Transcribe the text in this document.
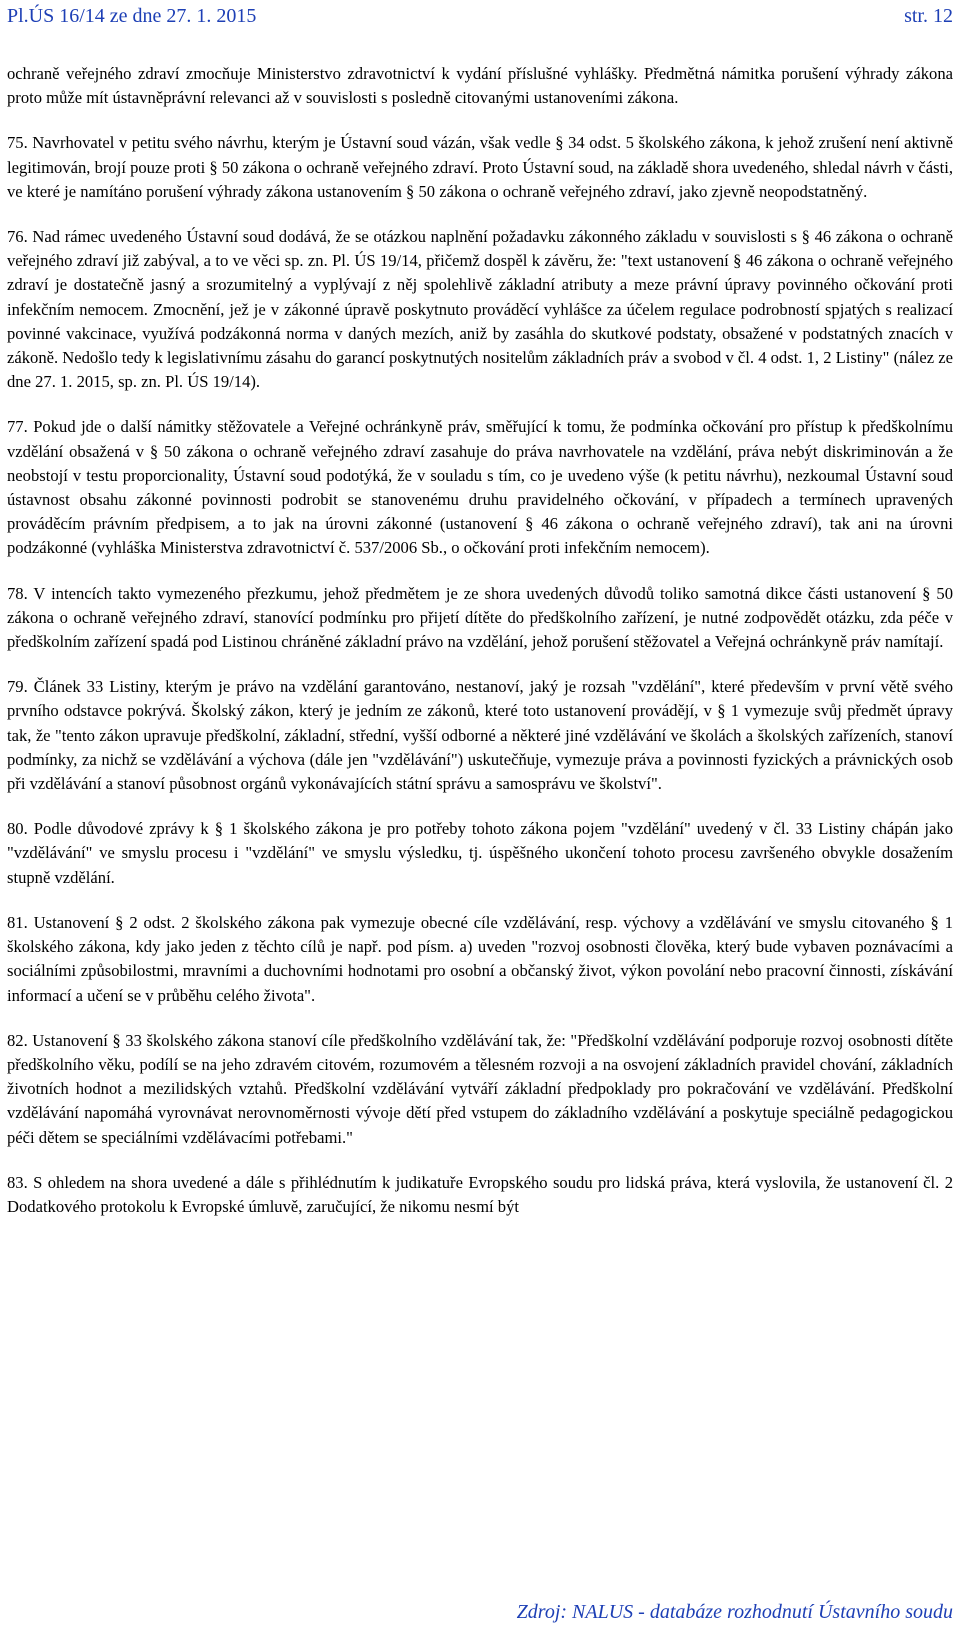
Pl.ÚS 16/14 ze dne 27. 1. 2015	str. 12

ochraně veřejného zdraví zmocňuje Ministerstvo zdravotnictví k vydání příslušné vyhlášky. Předmětná námitka porušení výhrady zákona proto může mít ústavněprávní relevanci až v souvislosti s posledně citovanými ustanoveními zákona.

75. Navrhovatel v petitu svého návrhu, kterým je Ústavní soud vázán, však vedle § 34 odst. 5 školského zákona, k jehož zrušení není aktivně legitimován, brojí pouze proti § 50 zákona o ochraně veřejného zdraví. Proto Ústavní soud, na základě shora uvedeného, shledal návrh v části, ve které je namítáno porušení výhrady zákona ustanovením § 50 zákona o ochraně veřejného zdraví, jako zjevně neopodstatněný.

76. Nad rámec uvedeného Ústavní soud dodává, že se otázkou naplnění požadavku zákonného základu v souvislosti s § 46 zákona o ochraně veřejného zdraví již zabýval, a to ve věci sp. zn. Pl. ÚS 19/14, přičemž dospěl k závěru, že: "text ustanovení § 46 zákona o ochraně veřejného zdraví je dostatečně jasný a srozumitelný a vyplývají z něj spolehlivě základní atributy a meze právní úpravy povinného očkování proti infekčním nemocem. Zmocnění, jež je v zákonné úpravě poskytnuto prováděcí vyhlášce za účelem regulace podrobností spjatých s realizací povinné vakcinace, využívá podzákonná norma v daných mezích, aniž by zasáhla do skutkové podstaty, obsažené v podstatných znacích v zákoně. Nedošlo tedy k legislativnímu zásahu do garancí poskytnutých nositelům základních práv a svobod v čl. 4 odst. 1, 2 Listiny" (nález ze dne 27. 1. 2015, sp. zn. Pl. ÚS 19/14).

77. Pokud jde o další námitky stěžovatele a Veřejné ochránkyně práv, směřující k tomu, že podmínka očkování pro přístup k předškolnímu vzdělání obsažená v § 50 zákona o ochraně veřejného zdraví zasahuje do práva navrhovatele na vzdělání, práva nebýt diskriminován a že neobstojí v testu proporcionality, Ústavní soud podotýká, že v souladu s tím, co je uvedeno výše (k petitu návrhu), nezkoumal Ústavní soud ústavnost obsahu zákonné povinnosti podrobit se stanovenému druhu pravidelného očkování, v případech a termínech upravených prováděcím právním předpisem, a to jak na úrovni zákonné (ustanovení § 46 zákona o ochraně veřejného zdraví), tak ani na úrovni podzákonné (vyhláška Ministerstva zdravotnictví č. 537/2006 Sb., o očkování proti infekčním nemocem).

78. V intencích takto vymezeného přezkumu, jehož předmětem je ze shora uvedených důvodů toliko samotná dikce části ustanovení § 50 zákona o ochraně veřejného zdraví, stanovící podmínku pro přijetí dítěte do předškolního zařízení, je nutné zodpovědět otázku, zda péče v předškolním zařízení spadá pod Listinou chráněné základní právo na vzdělání, jehož porušení stěžovatel a Veřejná ochránkyně práv namítají.

79. Článek 33 Listiny, kterým je právo na vzdělání garantováno, nestanoví, jaký je rozsah "vzdělání", které především v první větě svého prvního odstavce pokrývá. Školský zákon, který je jedním ze zákonů, které toto ustanovení provádějí, v § 1 vymezuje svůj předmět úpravy tak, že "tento zákon upravuje předškolní, základní, střední, vyšší odborné a některé jiné vzdělávání ve školách a školských zařízeních, stanoví podmínky, za nichž se vzdělávání a výchova (dále jen "vzdělávání") uskutečňuje, vymezuje práva a povinnosti fyzických a právnických osob při vzdělávání a stanoví působnost orgánů vykonávajících státní správu a samosprávu ve školství".

80. Podle důvodové zprávy k § 1 školského zákona je pro potřeby tohoto zákona pojem "vzdělání" uvedený v čl. 33 Listiny chápán jako "vzdělávání" ve smyslu procesu i "vzdělání" ve smyslu výsledku, tj. úspěšného ukončení tohoto procesu završeného obvykle dosažením stupně vzdělání.

81. Ustanovení § 2 odst. 2 školského zákona pak vymezuje obecné cíle vzdělávání, resp. výchovy a vzdělávání ve smyslu citovaného § 1 školského zákona, kdy jako jeden z těchto cílů je např. pod písm. a) uveden "rozvoj osobnosti člověka, který bude vybaven poznávacími a sociálními způsobilostmi, mravními a duchovními hodnotami pro osobní a občanský život, výkon povolání nebo pracovní činnosti, získávání informací a učení se v průběhu celého života".

82. Ustanovení § 33 školského zákona stanoví cíle předškolního vzdělávání tak, že: "Předškolní vzdělávání podporuje rozvoj osobnosti dítěte předškolního věku, podílí se na jeho zdravém citovém, rozumovém a tělesném rozvoji a na osvojení základních pravidel chování, základních životních hodnot a mezilidských vztahů. Předškolní vzdělávání vytváří základní předpoklady pro pokračování ve vzdělávání. Předškolní vzdělávání napomáhá vyrovnávat nerovnoměrnosti vývoje dětí před vstupem do základního vzdělávání a poskytuje speciálně pedagogickou péči dětem se speciálními vzdělávacími potřebami."

83. S ohledem na shora uvedené a dále s přihlédnutím k judikatuře Evropského soudu pro lidská práva, která vyslovila, že ustanovení čl. 2 Dodatkového protokolu k Evropské úmluvě, zaručující, že nikomu nesmí být

Zdroj: NALUS - databáze rozhodnutí Ústavního soudu
